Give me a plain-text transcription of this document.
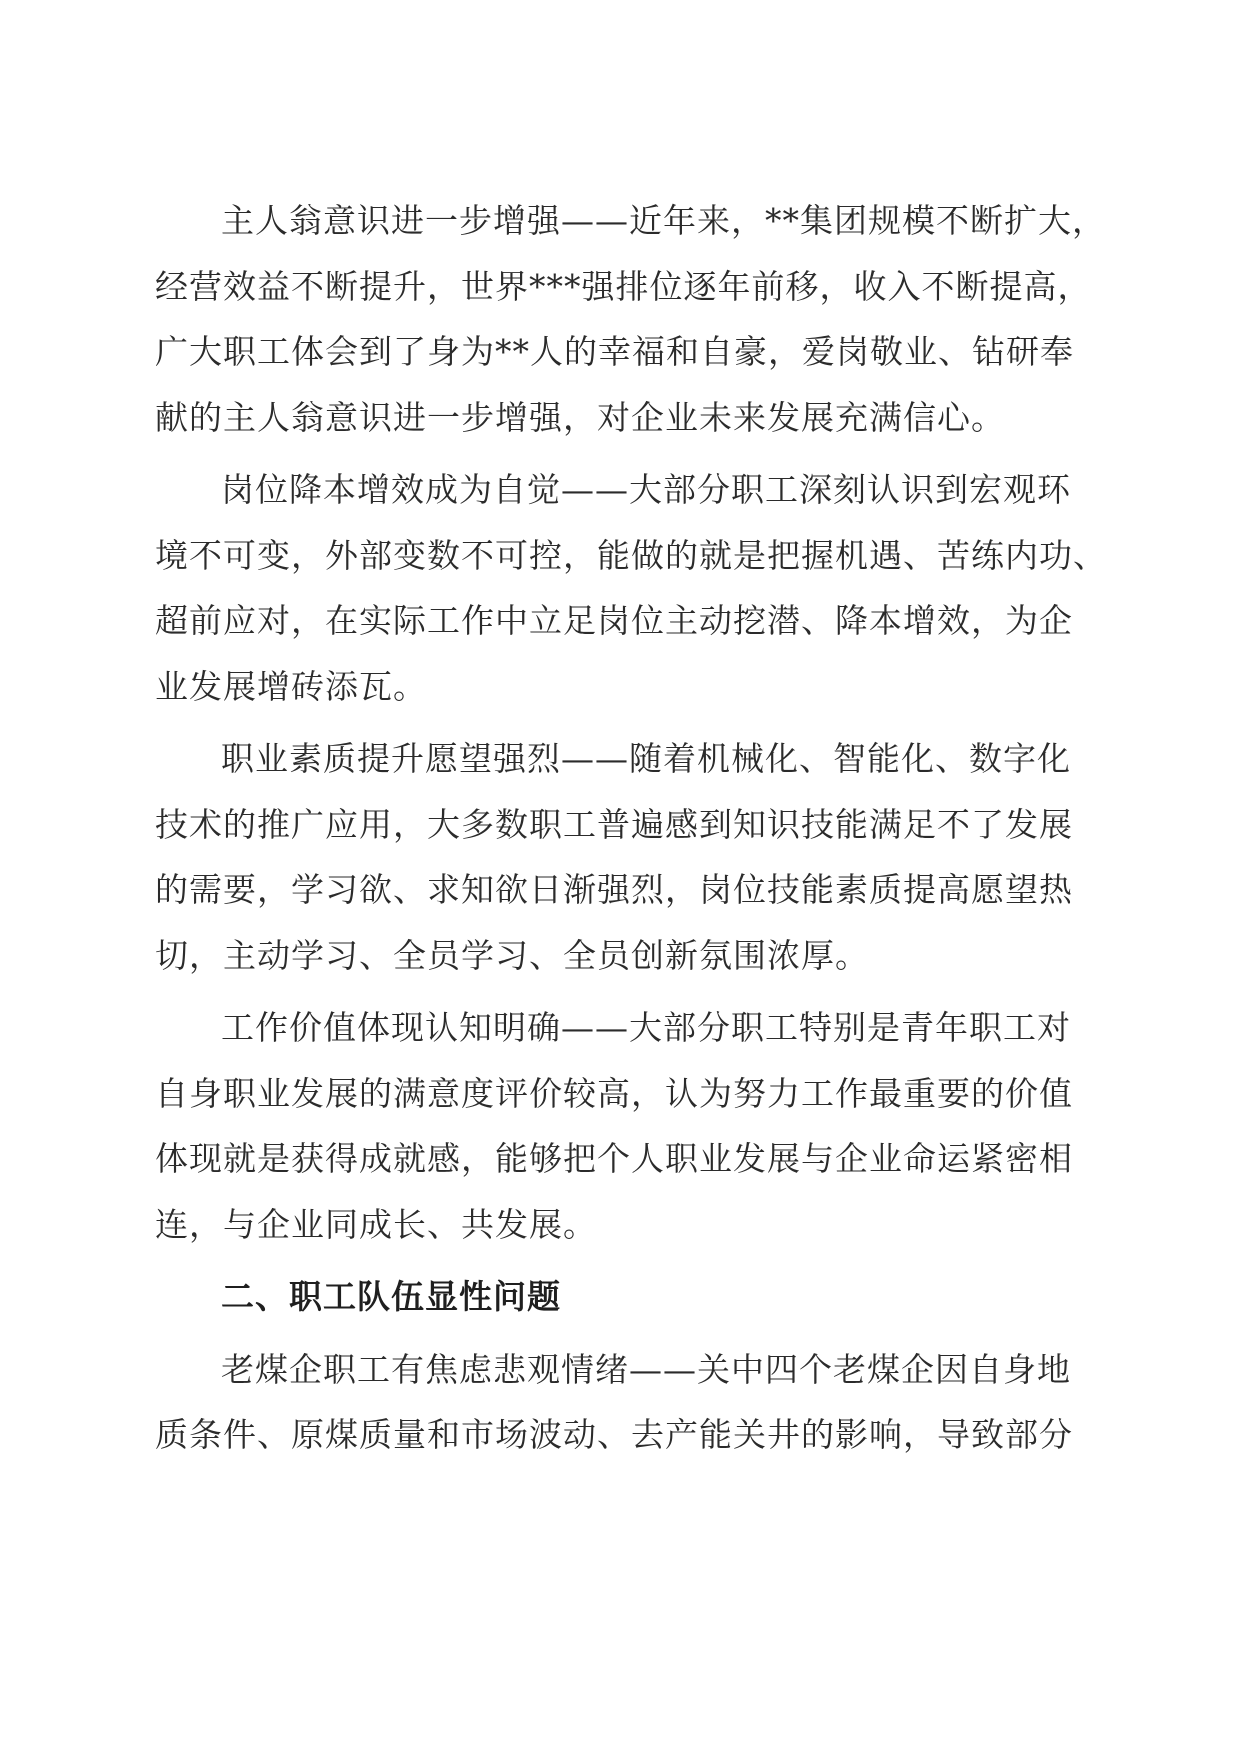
主人翁意识进一步增强——近年来，**集团规模不断扩大，
经营效益不断提升，世界***强排位逐年前移，收入不断提高，
广大职工体会到了身为**人的幸福和自豪，爱岗敬业、钻研奉
献的主人翁意识进一步增强，对企业未来发展充满信心。

岗位降本增效成为自觉——大部分职工深刻认识到宏观环
境不可变，外部变数不可控，能做的就是把握机遇、苦练内功、
超前应对，在实际工作中立足岗位主动挖潜、降本增效，为企
业发展增砖添瓦。

职业素质提升愿望强烈——随着机械化、智能化、数字化
技术的推广应用，大多数职工普遍感到知识技能满足不了发展
的需要，学习欲、求知欲日渐强烈，岗位技能素质提高愿望热
切，主动学习、全员学习、全员创新氛围浓厚。

工作价值体现认知明确——大部分职工特别是青年职工对
自身职业发展的满意度评价较高，认为努力工作最重要的价值
体现就是获得成就感，能够把个人职业发展与企业命运紧密相
连，与企业同成长、共发展。

二、职工队伍显性问题

老煤企职工有焦虑悲观情绪——关中四个老煤企因自身地
质条件、原煤质量和市场波动、去产能关井的影响，导致部分
